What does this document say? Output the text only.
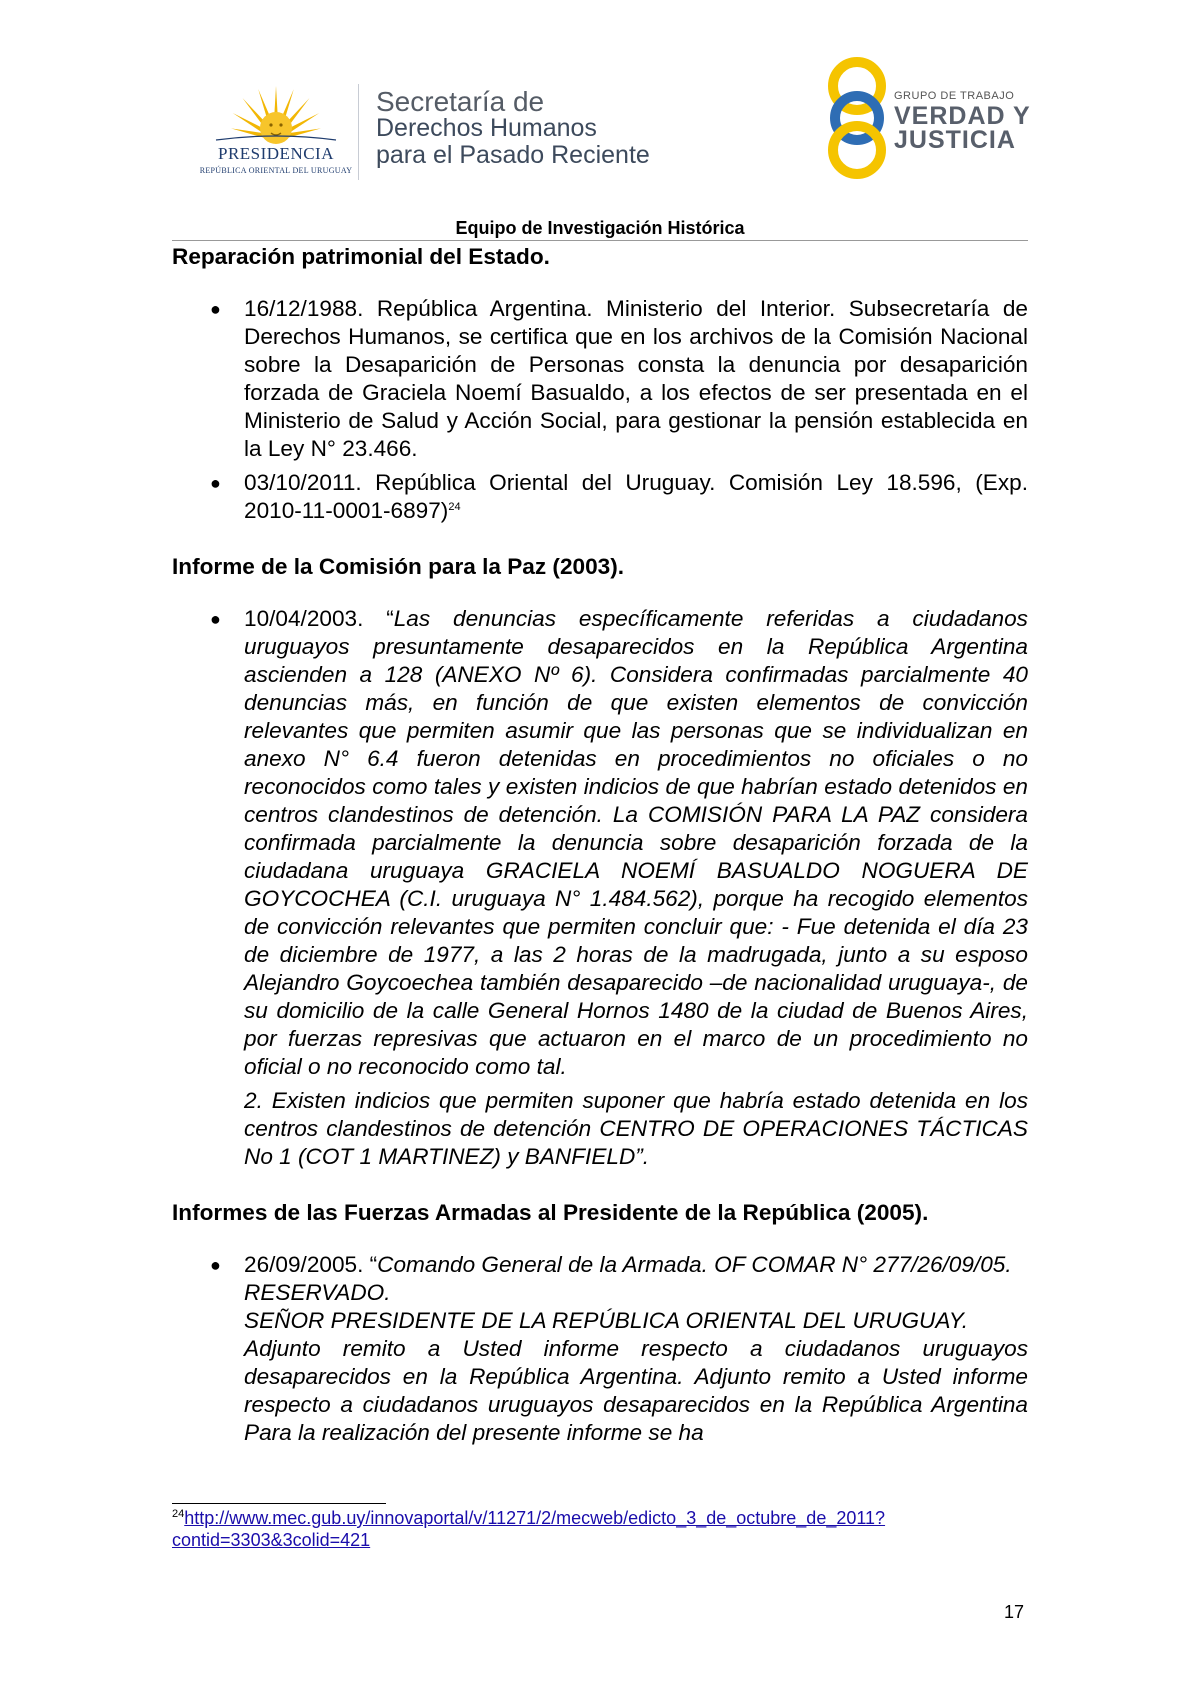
PRESIDENCIA
REPÚBLICA ORIENTAL DEL URUGUAY
Secretaría de
Derechos Humanos
para el Pasado Reciente
GRUPO DE TRABAJO
VERDAD Y
JUSTICIA
Equipo de Investigación Histórica
Reparación patrimonial del Estado.
● 16/12/1988. República Argentina. Ministerio del Interior. Subsecretaría de Derechos Humanos, se certifica que en los archivos de la Comisión Nacional sobre la Desaparición de Personas consta la denuncia por desaparición forzada de Graciela Noemí Basualdo, a los efectos de ser presentada en el Ministerio de Salud y Acción Social, para gestionar la pensión establecida en la Ley N° 23.466.
● 03/10/2011. República Oriental del Uruguay. Comisión Ley 18.596, (Exp. 2010-11-0001-6897)$^{24}$
Informe de la Comisión para la Paz (2003).
● 10/04/2003. “Las denuncias específicamente referidas a ciudadanos uruguayos presuntamente desaparecidos en la República Argentina ascienden a 128 (ANEXO Nº 6). Considera confirmadas parcialmente 40 denuncias más, en función de que existen elementos de convicción relevantes que permiten asumir que las personas que se individualizan en anexo N° 6.4 fueron detenidas en procedimientos no oficiales o no reconocidos como tales y existen indicios de que habrían estado detenidos en centros clandestinos de detención. La COMISIÓN PARA LA PAZ considera confirmada parcialmente la denuncia sobre desaparición forzada de la ciudadana uruguaya GRACIELA NOEMÍ BASUALDO NOGUERA DE GOYCOCHEA (C.I. uruguaya N° 1.484.562), porque ha recogido elementos de convicción relevantes que permiten concluir que: - Fue detenida el día 23 de diciembre de 1977, a las 2 horas de la madrugada, junto a su esposo Alejandro Goycoechea también desaparecido –de nacionalidad uruguaya-, de su domicilio de la calle General Hornos 1480 de la ciudad de Buenos Aires, por fuerzas represivas que actuaron en el marco de un procedimiento no oficial o no reconocido como tal.
2. Existen indicios que permiten suponer que habría estado detenida en los centros clandestinos de detención CENTRO DE OPERACIONES TÁCTICAS No 1 (COT 1 MARTINEZ) y BANFIELD”.
Informes de las Fuerzas Armadas al Presidente de la República (2005).
● 26/09/2005. “Comando General de la Armada. OF COMAR N° 277/26/09/05.
RESERVADO.
SEÑOR PRESIDENTE DE LA REPÚBLICA ORIENTAL DEL URUGUAY.
Adjunto remito a Usted informe respecto a ciudadanos uruguayos desaparecidos en la República Argentina. Adjunto remito a Usted informe respecto a ciudadanos uruguayos desaparecidos en la República Argentina Para la realización del presente informe se ha
$^{24}$http://www.mec.gub.uy/innovaportal/v/11271/2/mecweb/edicto_3_de_octubre_de_2011?
contid=3303&3colid=421
17
